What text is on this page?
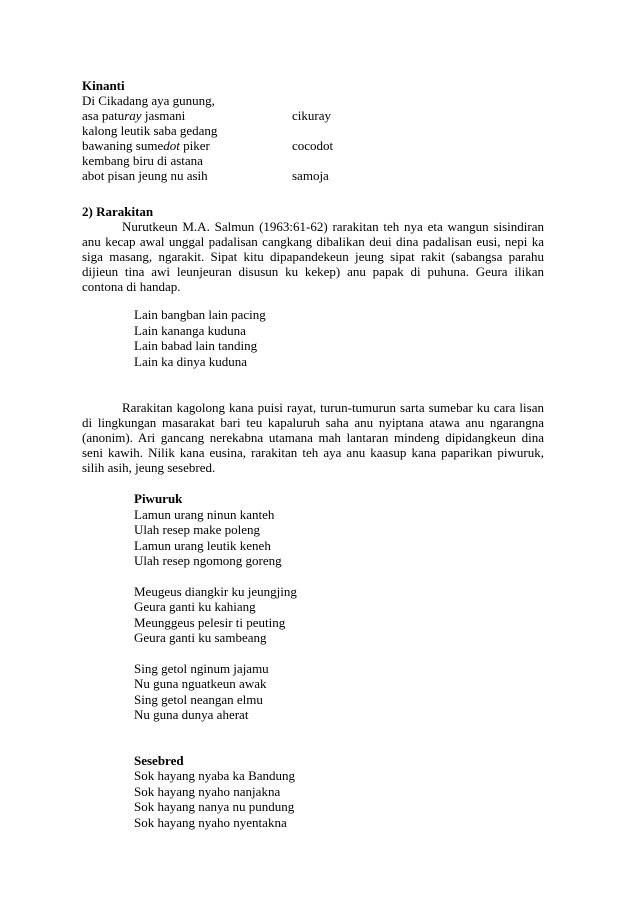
Kinanti
Di Cikadang aya gunung,
asa paturay jasmani	cikuray
kalong leutik saba gedang
bawaning sumedot piker	cocodot
kembang biru di astana
abot pisan jeung nu asih	samoja
2) Rarakitan
Nurutkeun M.A. Salmun (1963:61-62) rarakitan teh nya eta wangun sisindiran anu kecap awal unggal padalisan cangkang dibalikan deui dina padalisan eusi, nepi ka siga masang, ngarakit. Sipat kitu dipapandekeun jeung sipat rakit (sabangsa parahu dijieun tina awi leunjeuran disusun ku kekep) anu papak di puhuna. Geura ilikan contona di handap.
Lain bangban lain pacing
Lain kananga kuduna
Lain babad lain tanding
Lain ka dinya kuduna
Rarakitan kagolong kana puisi rayat, turun-tumurun sarta sumebar ku cara lisan di lingkungan masarakat bari teu kapaluruh saha anu nyiptana atawa anu ngarangna (anonim). Ari gancang nerekabna utamana mah lantaran mindeng dipidangkeun dina seni kawih. Nilik kana eusina, rarakitan teh aya anu kaasup kana paparikan piwuruk, silih asih, jeung sesebred.
Piwuruk
Lamun urang ninun kanteh
Ulah resep make poleng
Lamun urang leutik keneh
Ulah resep ngomong goreng
Meugeus diangkir ku jeungjing
Geura ganti ku kahiang
Meunggeus pelesir ti peuting
Geura ganti ku sambeang
Sing getol nginum jajamu
Nu guna nguatkeun awak
Sing getol neangan elmu
Nu guna dunya aherat
Sesebred
Sok hayang nyaba ka Bandung
Sok hayang nyaho nanjakna
Sok hayang nanya nu pundung
Sok hayang nyaho nyentakna
